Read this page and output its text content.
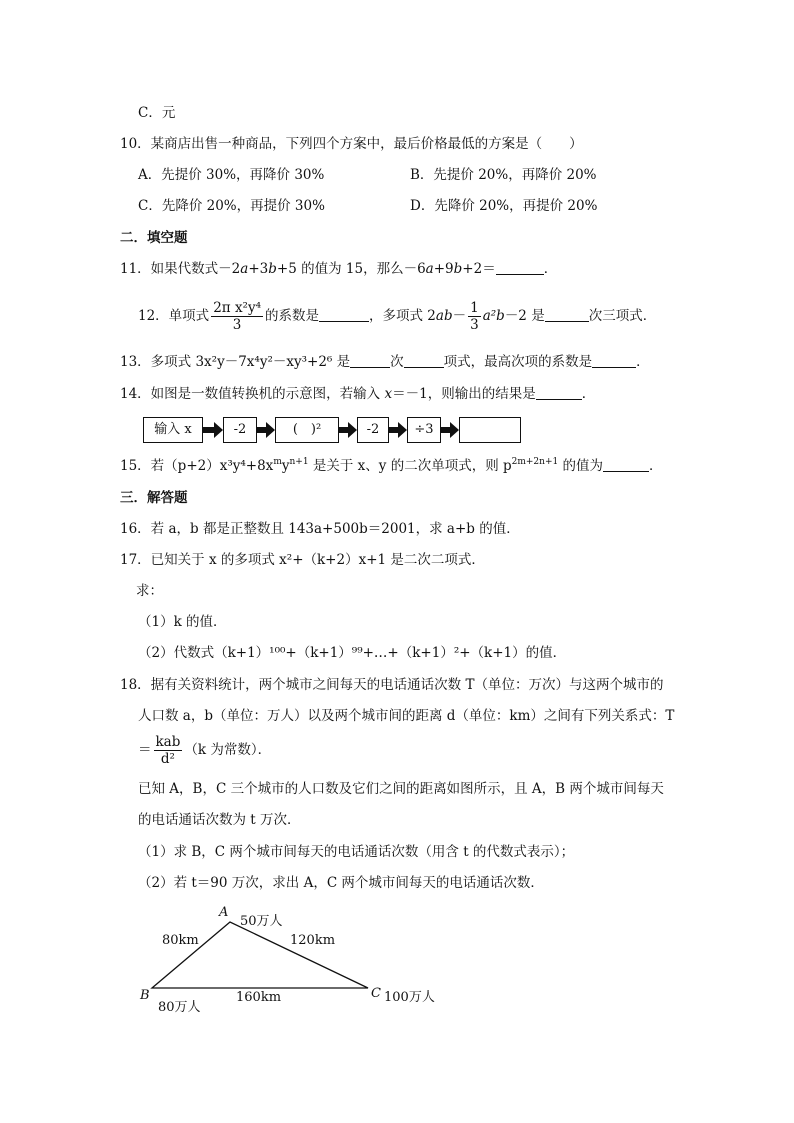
C．元
10．某商店出售一种商品，下列四个方案中，最后价格最低的方案是（　　）
A．先提价 30%，再降价 30%	B．先提价 20%，再降价 20%
C．先降价 20%，再提价 30%	D．先降价 20%，再提价 20%
二．填空题
11．如果代数式－2a+3b+5 的值为 15，那么－6a+9b+2＝	．
12．单项式 $\frac{\text{2π x²y⁴}}{3}$ 的系数是	，多项式 $2ab- \frac{1}{3} a^2b-2$ 是	次三项式．
13．多项式 3x²y－7x⁴y²－xy³+2⁶ 是	次	项式，最高次项的系数是	．
14．如图是一数值转换机的示意图，若输入 x＝－1，则输出的结果是	．
输入 x	-2	(　)²	-2	÷3
15．若$(p+2)x^3y^4+8x^my^{n+1}$ 是关于 x、y 的二次单项式，则 $p^{2m+2n+1}$ 的值为	．
三．解答题
16．若 a，b 都是正整数且 143a+500b＝2001，求 a+b 的值．
17．已知关于 x 的多项式 x²+（k+2）x+1 是二次二项式．
求：
（1）k 的值．
（2）代数式（k+1）¹⁰⁰+（k+1）⁹⁹+…+（k+1）²+（k+1）的值．
18．据有关资料统计，两个城市之间每天的电话通话次数 T（单位：万次）与这两个城市的
人口数 a，b（单位：万人）以及两个城市间的距离 d（单位：km）之间有下列关系式：T
＝ $\frac{\text{kab}}{\text{d²}} (k$ 为常数）．
已知 A，B，C 三个城市的人口数及它们之间的距离如图所示，且 A，B 两个城市间每天
的电话通话次数为 t 万次．
（1）求 B，C 两个城市间每天的电话通话次数（用含 t 的代数式表示）；
（2）若 t＝90 万次，求出 A，C 两个城市间每天的电话通话次数．
A
50万人
80km	120km
B
80万人
160km	C 100万人
